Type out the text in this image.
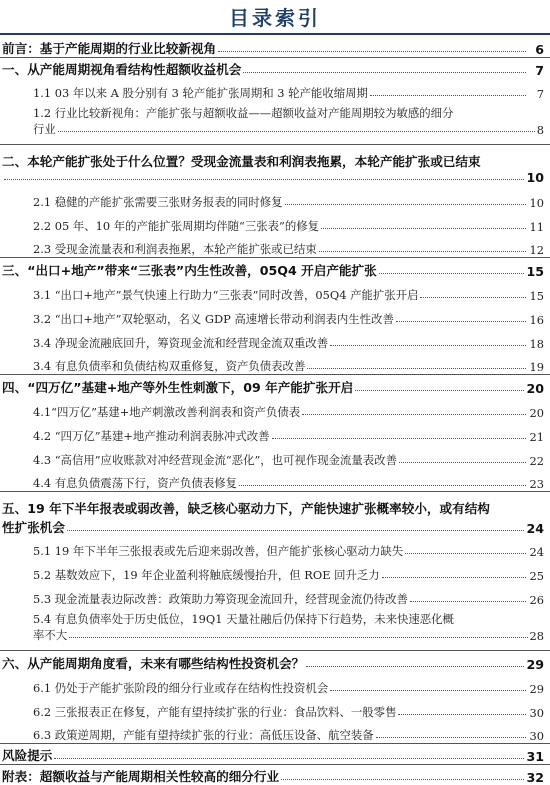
目录索引
前言：基于产能周期的行业比较新视角	6
一、从产能周期视角看结构性超额收益机会	7
1.1 03 年以来 A 股分别有 3 轮产能扩张周期和 3 轮产能收缩周期	7
1.2 行业比较新视角：产能扩张与超额收益——超额收益对产能周期较为敏感的细分
行业	8
二、本轮产能扩张处于什么位置？受现金流量表和利润表拖累，本轮产能扩张或已结束
10
2.1 稳健的产能扩张需要三张财务报表的同时修复	10
2.2 05 年、10 年的产能扩张周期均伴随“三张表”的修复	11
2.3 受现金流量表和利润表拖累，本轮产能扩张或已结束	12
三、“出口+地产”带来“三张表”内生性改善，05Q4 开启产能扩张	15
3.1 “出口+地产”景气快速上行助力“三张表”同时改善，05Q4 产能扩张开启	15
3.2 “出口+地产”双轮驱动，名义 GDP 高速增长带动利润表内生性改善	16
3.4 净现金流融底回升，筹资现金流和经营现金流双重改善	18
3.4 有息负债率和负债结构双重修复，资产负债表改善	19
四、“四万亿”基建+地产等外生性刺激下，09 年产能扩张开启	20
4.1“四万亿”基建+地产刺激改善利润表和资产负债表	20
4.2 “四万亿”基建+地产推动利润表脉冲式改善	21
4.3 “高信用”应收账款对冲经营现金流“恶化”，也可视作现金流量表改善	22
4.4 有息负债震荡下行，资产负债表修复	23
五、19 年下半年报表或弱改善，缺乏核心驱动力下，产能快速扩张概率较小，或有结构
性扩张机会	24
5.1 19 年下半年三张报表或先后迎来弱改善，但产能扩张核心驱动力缺失	24
5.2 基数效应下，19 年企业盈利将触底缓慢抬升，但 ROE 回升乏力	25
5.3 现金流量表边际改善：政策助力筹资现金流回升，经营现金流仍待改善	26
5.4 有息负债率处于历史低位，19Q1 天量社融后仍保持下行趋势，未来快速恶化概
率不大	28
六、从产能周期角度看，未来有哪些结构性投资机会？	29
6.1 仍处于产能扩张阶段的细分行业或存在结构性投资机会	29
6.2 三张报表正在修复，产能有望持续扩张的行业：食品饮料、一般零售	30
6.3 政策逆周期，产能有望持续扩张的行业：高低压设备、航空装备	30
风险提示	31
附表：超额收益与产能周期相关性较高的细分行业	32
